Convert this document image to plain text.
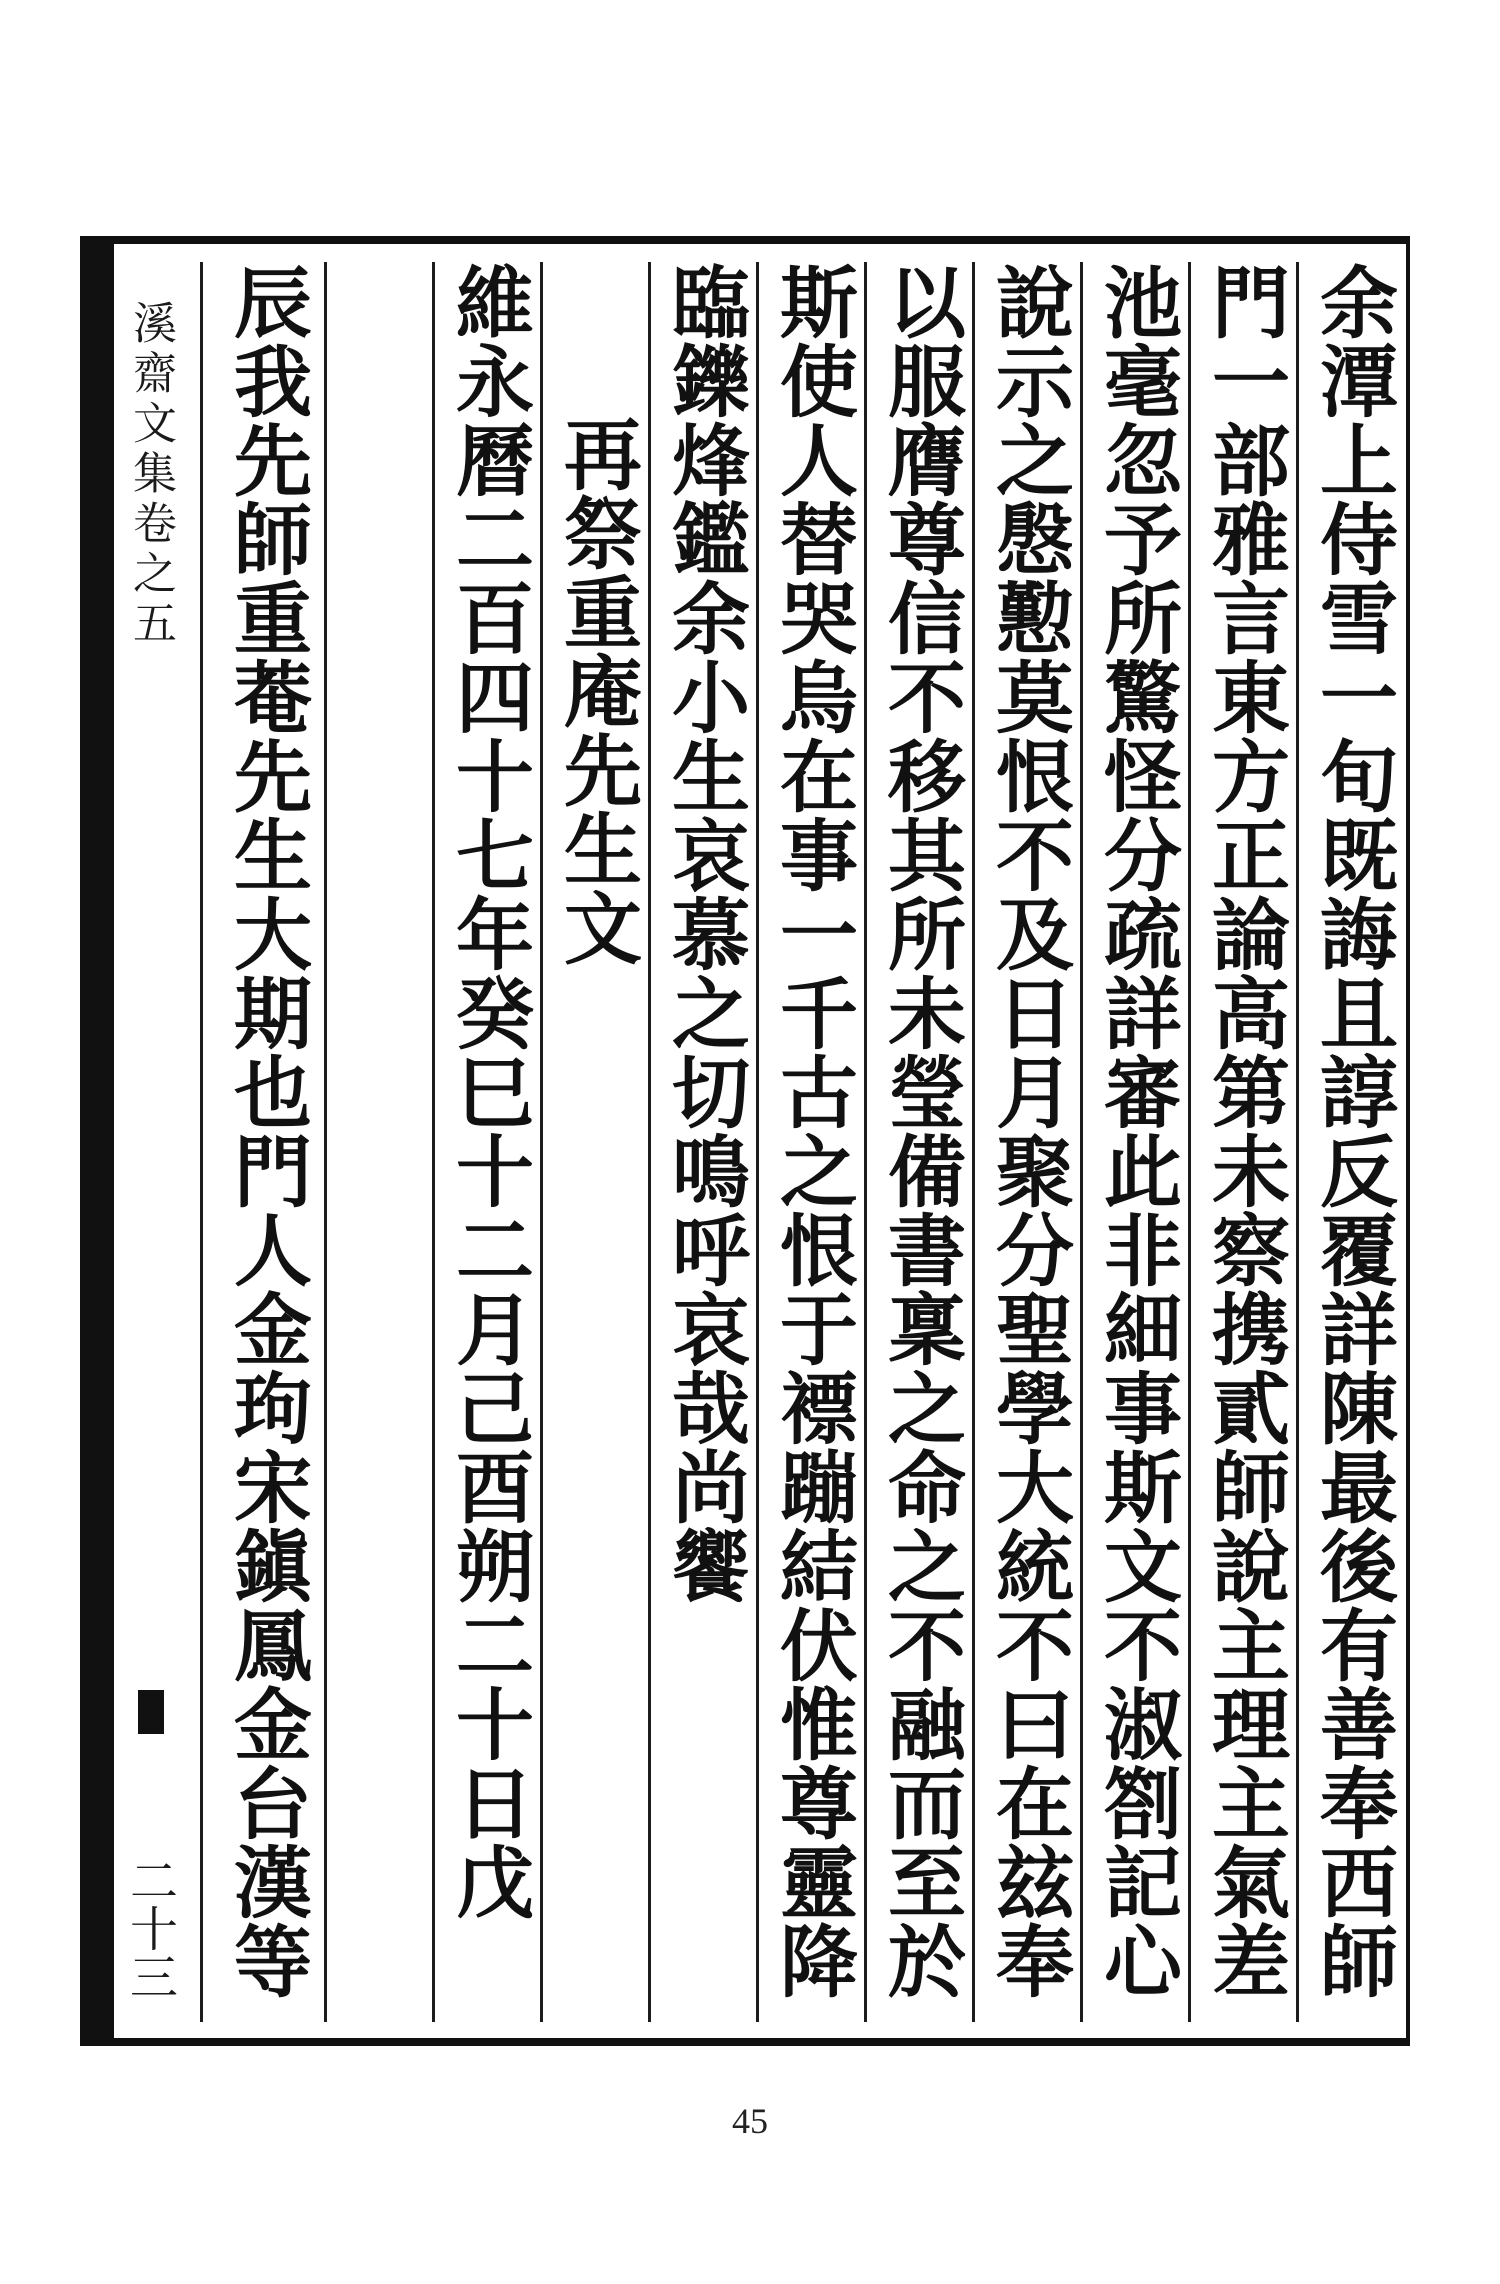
溪齋文集卷之五
二十三	余潭上侍雪一旬既誨且諄反覆詳陳最後有善奉西師
門一部雅言東方正論高第未察携貳師說主理主氣差
池毫忽予所驚怪分疏詳審此非細事斯文不淑劄記心
說示之慇懃莫恨不及日月聚分聖學大統不曰在玆奉
以服膺尊信不移其所未瑩備書稟之命之不融而至於
斯使人替哭烏在事一千古之恨于褾蹦結伏惟尊靈降
臨鑠烽鑑余小生哀慕之切鳴呼哀哉尚饗
再祭重庵先生文
維永曆二百四十七年癸巳十二月己酉朔二十日戊
辰我先師重菴先生大期也門人金玽宋鎭鳳金台漢等
45
